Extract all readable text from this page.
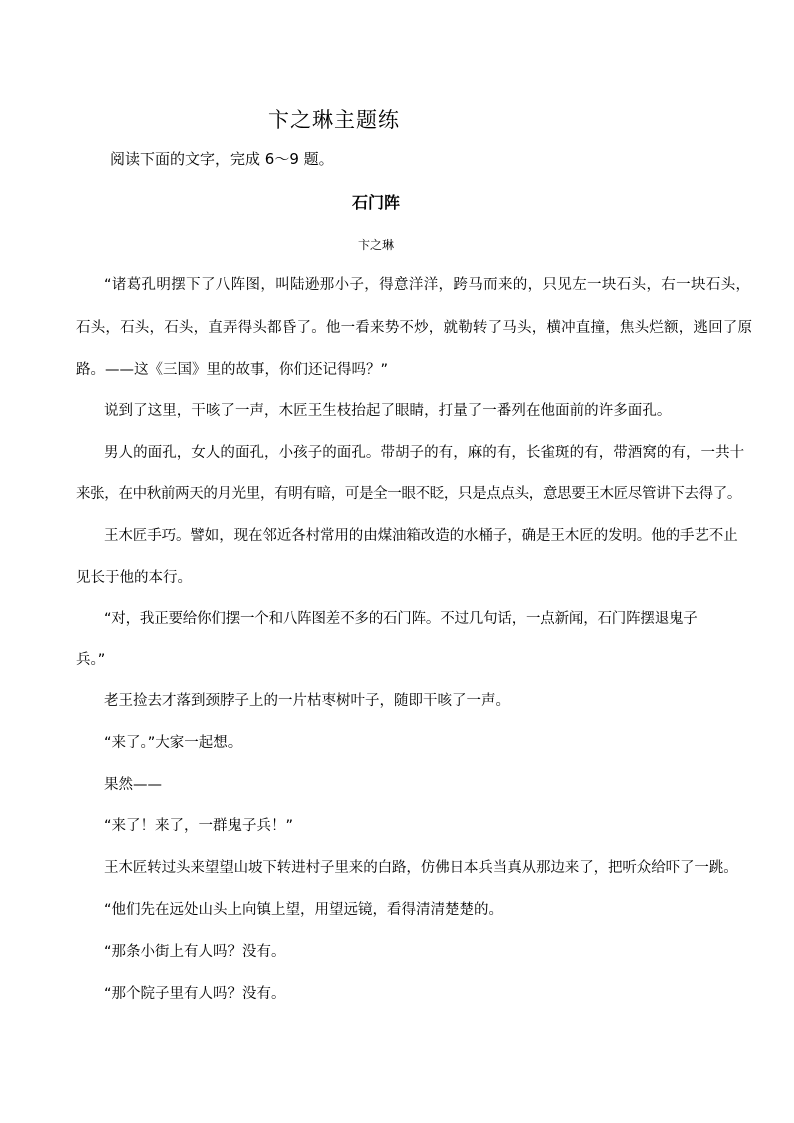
卞之琳主题练
阅读下面的文字，完成 6～9 题。
石门阵
卞之琳
“诸葛孔明摆下了八阵图，叫陆逊那小子，得意洋洋，跨马而来的，只见左一块石头，右一块石头，
石头，石头，石头，直弄得头都昏了。他一看来势不炒，就勒转了马头，横冲直撞，焦头烂额，逃回了原
路。——这《三国》里的故事，你们还记得吗？”
说到了这里，干咳了一声，木匠王生枝抬起了眼睛，打量了一番列在他面前的许多面孔。
男人的面孔，女人的面孔，小孩子的面孔。带胡子的有，麻的有，长雀斑的有，带酒窝的有，一共十
来张，在中秋前两天的月光里，有明有暗，可是全一眼不眨，只是点点头，意思要王木匠尽管讲下去得了。
王木匠手巧。譬如，现在邻近各村常用的由煤油箱改造的水桶子，确是王木匠的发明。他的手艺不止
见长于他的本行。
“对，我正要给你们摆一个和八阵图差不多的石门阵。不过几句话，一点新闻，石门阵摆退鬼子
兵。”
老王捡去才落到颈脖子上的一片枯枣树叶子，随即干咳了一声。
“来了。”大家一起想。
果然——
“来了！来了，一群鬼子兵！”
王木匠转过头来望望山坡下转进村子里来的白路，仿佛日本兵当真从那边来了，把听众给吓了一跳。
“他们先在远处山头上向镇上望，用望远镜，看得清清楚楚的。
“那条小街上有人吗？没有。
“那个院子里有人吗？没有。
